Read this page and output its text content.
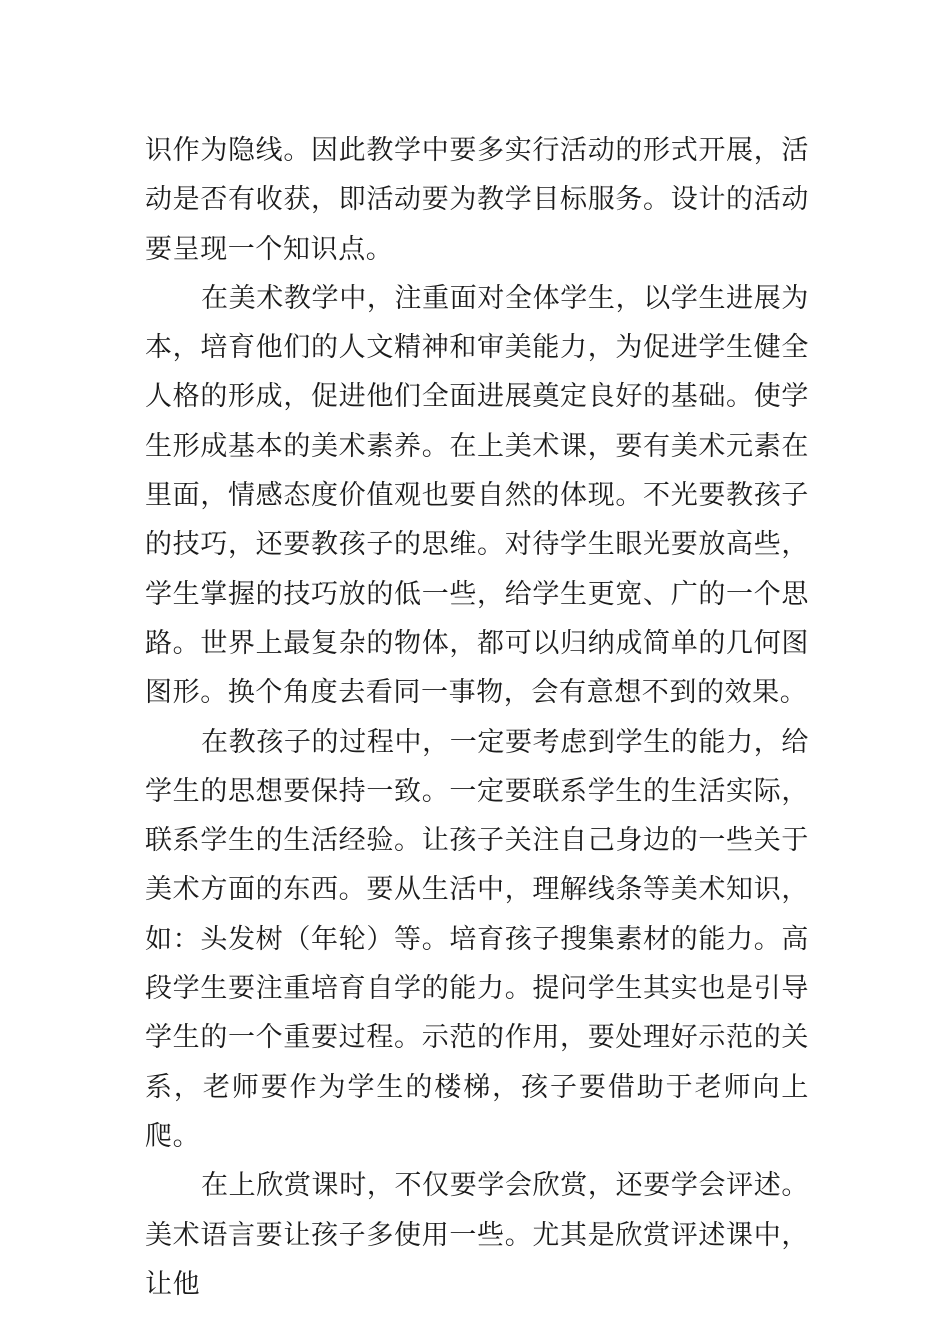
识作为隐线。因此教学中要多实行活动的形式开展，活动是否有收获，即活动要为教学目标服务。设计的活动要呈现一个知识点。

在美术教学中，注重面对全体学生，以学生进展为本，培育他们的人文精神和审美能力，为促进学生健全人格的形成，促进他们全面进展奠定良好的基础。使学生形成基本的美术素养。在上美术课，要有美术元素在里面，情感态度价值观也要自然的体现。不光要教孩子的技巧，还要教孩子的思维。对待学生眼光要放高些，学生掌握的技巧放的低一些，给学生更宽、广的一个思路。世界上最复杂的物体，都可以归纳成简单的几何图图形。换个角度去看同一事物，会有意想不到的效果。

在教孩子的过程中，一定要考虑到学生的能力，给学生的思想要保持一致。一定要联系学生的生活实际，联系学生的生活经验。让孩子关注自己身边的一些关于美术方面的东西。要从生活中，理解线条等美术知识，如：头发树（年轮）等。培育孩子搜集素材的能力。高段学生要注重培育自学的能力。提问学生其实也是引导学生的一个重要过程。示范的作用，要处理好示范的关系，老师要作为学生的楼梯，孩子要借助于老师向上爬。

在上欣赏课时，不仅要学会欣赏，还要学会评述。美术语言要让孩子多使用一些。尤其是欣赏评述课中，让他
